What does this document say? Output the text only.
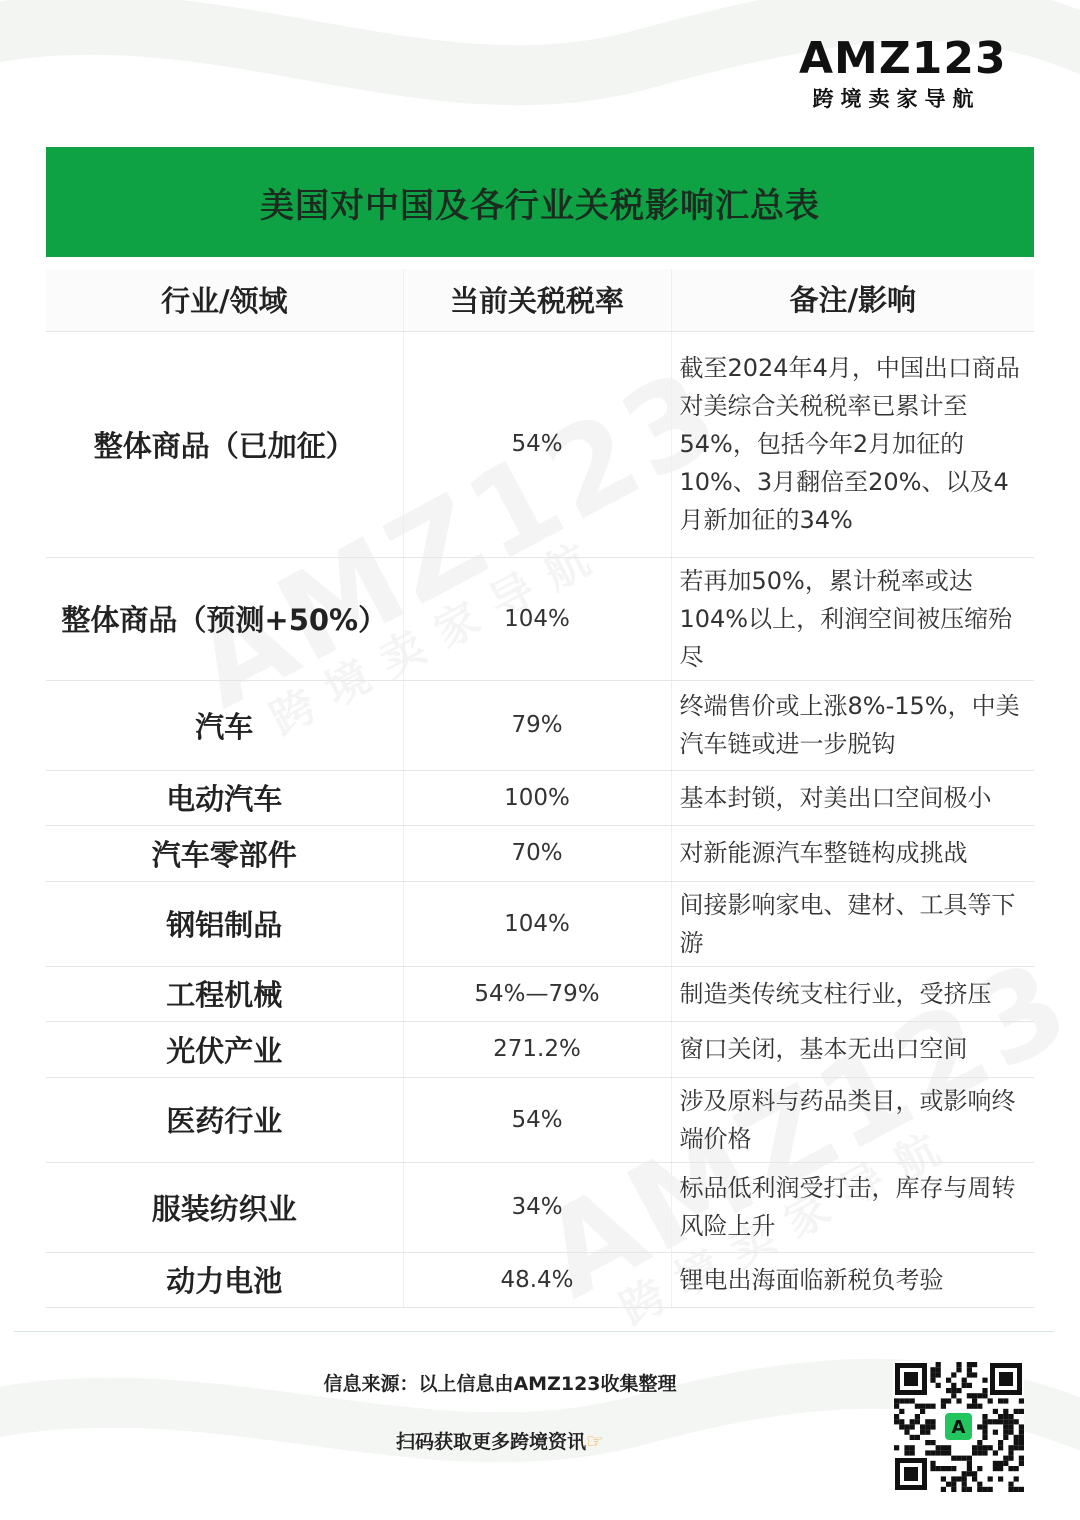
AMZ123
跨境卖家导航
美国对中国及各行业关税影响汇总表
行业/领域	当前关税税率	备注/影响
整体商品（已加征）	54%	截至2024年4月，中国出口商品对美综合关税税率已累计至54%，包括今年2月加征的10%、3月翻倍至20%、以及4月新加征的34%
整体商品（预测+50%）	104%	若再加50%，累计税率或达104%以上，利润空间被压缩殆尽
汽车	79%	终端售价或上涨8%-15%，中美汽车链或进一步脱钩
电动汽车	100%	基本封锁，对美出口空间极小
汽车零部件	70%	对新能源汽车整链构成挑战
钢铝制品	104%	间接影响家电、建材、工具等下游
工程机械	54%—79%	制造类传统支柱行业，受挤压
光伏产业	271.2%	窗口关闭，基本无出口空间
医药行业	54%	涉及原料与药品类目，或影响终端价格
服装纺织业	34%	标品低利润受打击，库存与周转风险上升
动力电池	48.4%	锂电出海面临新税负考验
信息来源：以上信息由AMZ123收集整理
扫码获取更多跨境资讯☞
A
